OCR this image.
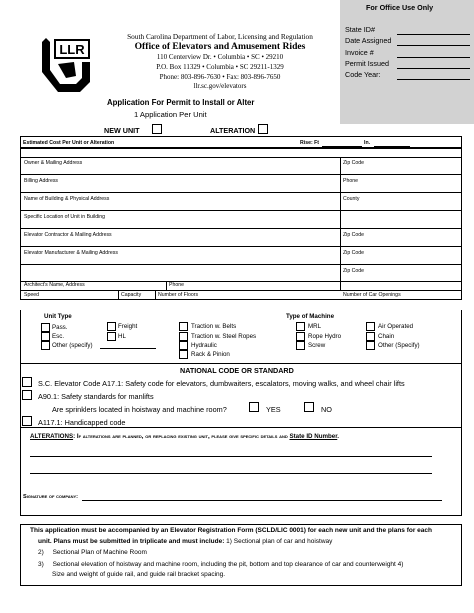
For Office Use Only
State ID#
Date Assigned
Invoice #
Permit Issued
Code Year:
LLR
South Carolina Department of Labor, Licensing and Regulation
Office of Elevators and Amusement Rides
110 Centerview Dr. • Columbia • SC • 29210
P.O. Box 11329 • Columbia • SC 29211-1329
Phone: 803-896-7630 • Fax: 803-896-7650
llr.sc.gov/elevators
Application For Permit to Install or Alter
1 Application Per Unit
NEW UNIT	ALTERATION
Estimated Cost Per Unit or Alteration	Rise: Ft	In.
Owner & Mailing Address	Zip Code
Billing Address	Phone
Name of Building & Physical Address	County
Specific Location of Unit in Building
Elevator Contractor & Mailing Address	Zip Code
Elevator Manufacturer & Mailing Address	Zip Code
Zip Code
Architect's Name, Address	Phone
Speed	Capacity	Number of Floors	Number of Car Openings
Unit Type
Pass.
Esc.
Other (specify)
Freight
HL
Type of Machine
Traction w. Belts
Traction w. Steel Ropes
Hydraulic
Rack & Pinion
MRL
Rope Hydro
Screw
Air Operated
Chain
Other (Specify)
NATIONAL CODE OR STANDARD
S.C. Elevator Code A17.1: Safety code for elevators, dumbwaiters, escalators, moving walks, and wheel chair lifts
A90.1: Safety standards for manlifts
Are sprinklers located in hoistway and machine room?	YES	NO
A117.1: Handicapped code
ALTERATIONS: If alterations are planned, or replacing existing unit, please give specific details and State ID Number.
Signature of company:
This application must be accompanied by an Elevator Registration Form (SCLD/LIC 0001) for each new unit and the plans for each
unit. Plans must be submitted in triplicate and must include: 1) Sectional plan of car and hoistway
2) Sectional Plan of Machine Room
3) Sectional elevation of hoistway and machine room, including the pit, bottom and top clearance of car and counterweight 4)
Size and weight of guide rail, and guide rail bracket spacing.
